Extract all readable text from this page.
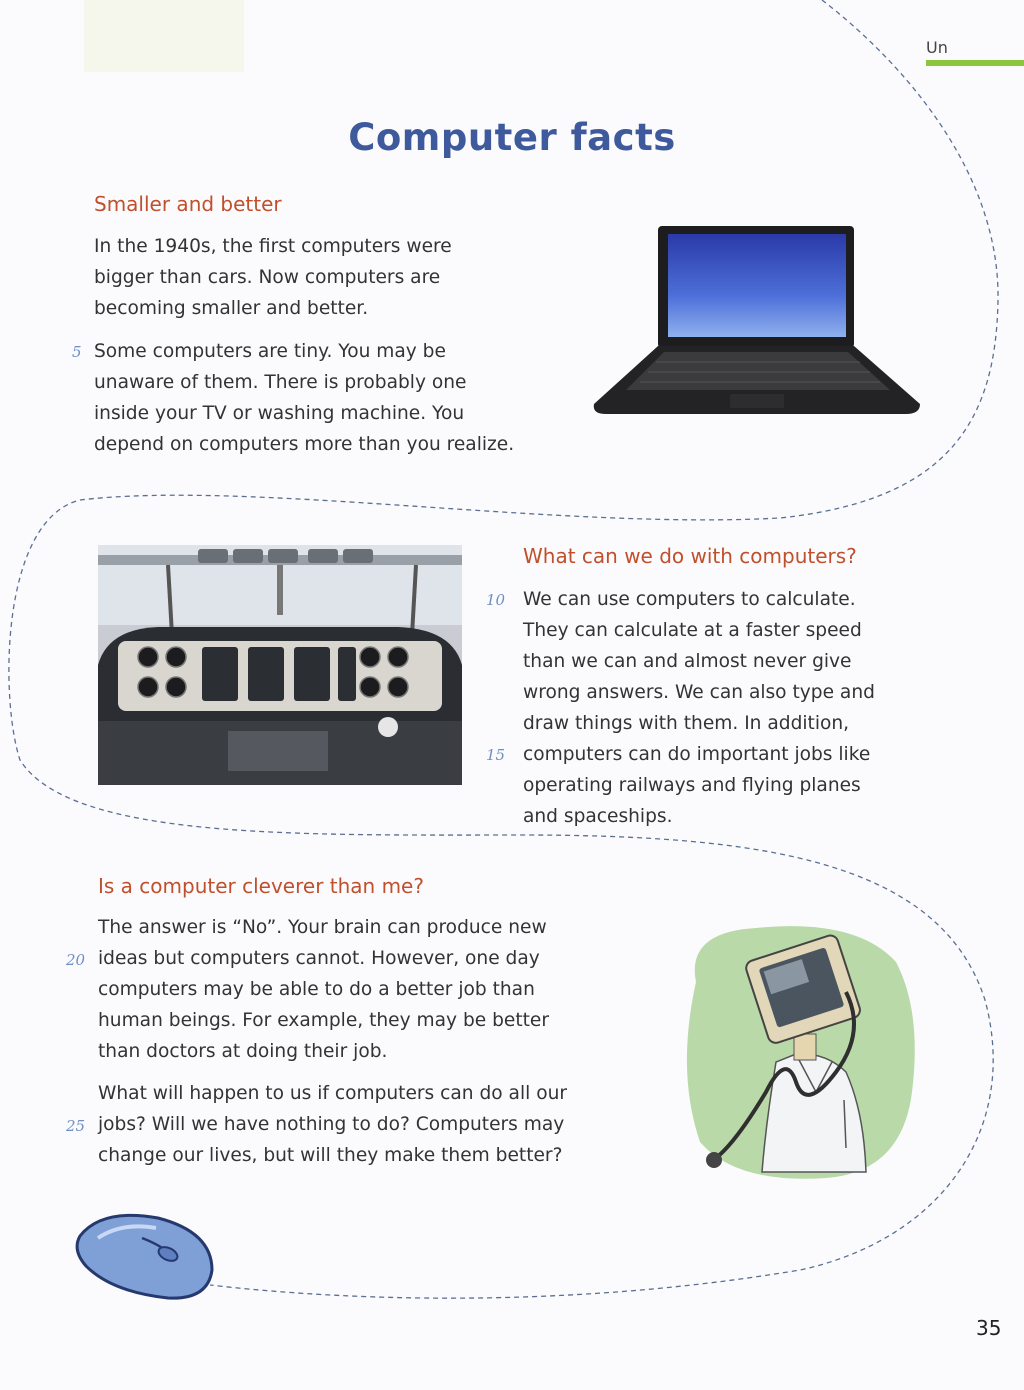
Un
Computer facts
Smaller and better

In the 1940s, the first computers were
bigger than cars. Now computers are
becoming smaller and better.

5 Some computers are tiny. You may be
unaware of them. There is probably one
inside your TV or washing machine. You
depend on computers more than you realize.

What can we do with computers?
10
15

We can use computers to calculate.
They can calculate at a faster speed
than we can and almost never give
wrong answers. We can also type and
draw things with them. In addition,
computers can do important jobs like
operating railways and flying planes
and spaceships.

Is a computer cleverer than me?
20

The answer is “No”. Your brain can produce new
ideas but computers cannot. However, one day
computers may be able to do a better job than
human beings. For example, they may be better
than doctors at doing their job.

25

What will happen to us if computers can do all our
jobs? Will we have nothing to do? Computers may
change our lives, but will they make them better?

35
